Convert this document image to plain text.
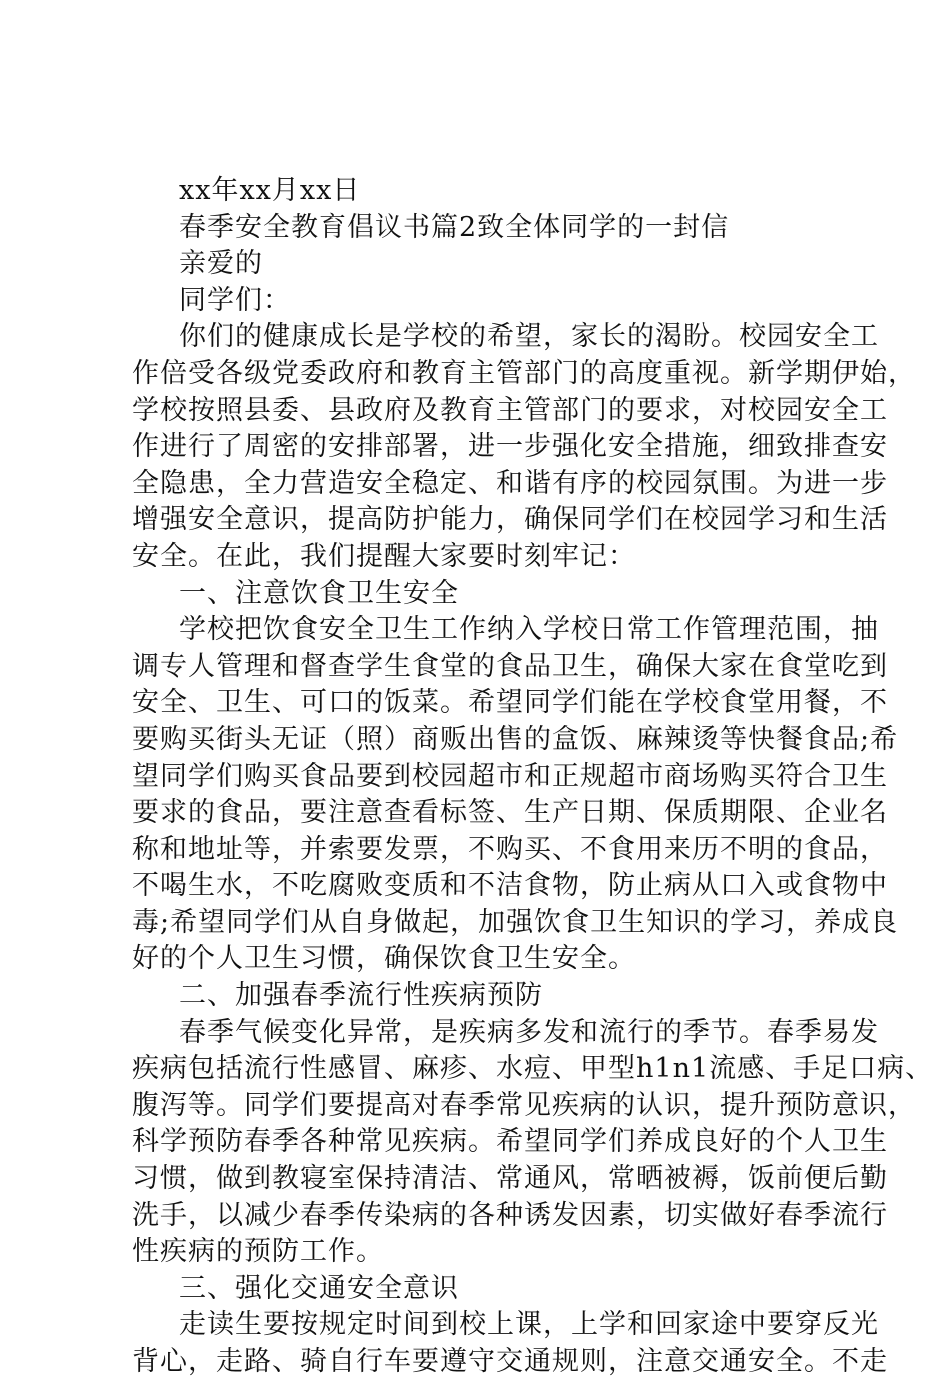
xx年xx月xx日

春季安全教育倡议书篇2致全体同学的一封信

亲爱的

同学们：

你们的健康成长是学校的希望，家长的渴盼。校园安全工
作倍受各级党委政府和教育主管部门的高度重视。新学期伊始，
学校按照县委、县政府及教育主管部门的要求，对校园安全工
作进行了周密的安排部署，进一步强化安全措施，细致排查安
全隐患，全力营造安全稳定、和谐有序的校园氛围。为进一步
增强安全意识，提高防护能力，确保同学们在校园学习和生活
安全。在此，我们提醒大家要时刻牢记：

一、注意饮食卫生安全

学校把饮食安全卫生工作纳入学校日常工作管理范围，抽
调专人管理和督查学生食堂的食品卫生，确保大家在食堂吃到
安全、卫生、可口的饭菜。希望同学们能在学校食堂用餐，不
要购买街头无证（照）商贩出售的盒饭、麻辣烫等快餐食品;希
望同学们购买食品要到校园超市和正规超市商场购买符合卫生
要求的食品，要注意查看标签、生产日期、保质期限、企业名
称和地址等，并索要发票，不购买、不食用来历不明的食品，
不喝生水，不吃腐败变质和不洁食物，防止病从口入或食物中
毒;希望同学们从自身做起，加强饮食卫生知识的学习，养成良
好的个人卫生习惯，确保饮食卫生安全。

二、加强春季流行性疾病预防

春季气候变化异常，是疾病多发和流行的季节。春季易发
疾病包括流行性感冒、麻疹、水痘、甲型h1n1流感、手足口病、
腹泻等。同学们要提高对春季常见疾病的认识，提升预防意识，
科学预防春季各种常见疾病。希望同学们养成良好的个人卫生
习惯，做到教寝室保持清洁、常通风，常晒被褥，饭前便后勤
洗手，以减少春季传染病的各种诱发因素，切实做好春季流行
性疾病的预防工作。

三、强化交通安全意识

走读生要按规定时间到校上课，上学和回家途中要穿反光
背心，走路、骑自行车要遵守交通规则，注意交通安全。不走
